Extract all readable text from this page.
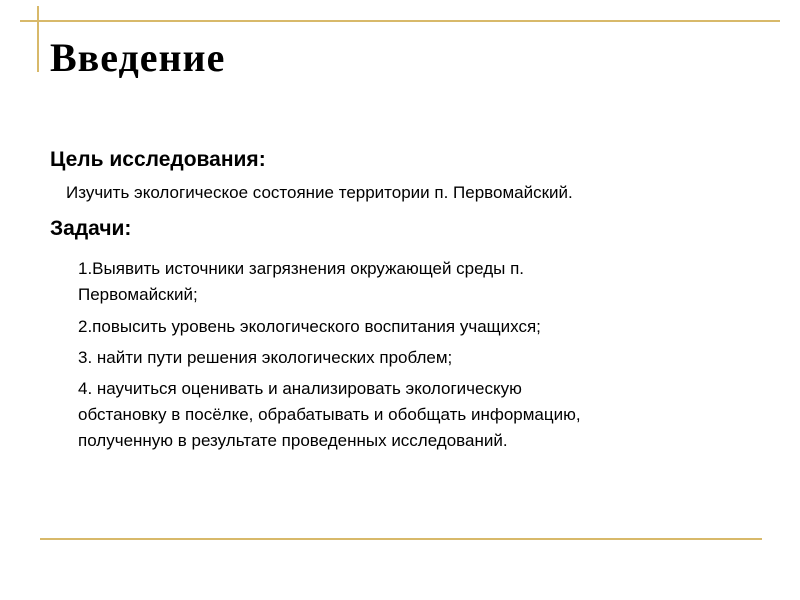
Введение
Цель исследования:
Изучить экологическое состояние территории п. Первомайский.
Задачи:
1.Выявить источники загрязнения окружающей среды п.
Первомайский;
2.повысить уровень экологического воспитания учащихся;
3. найти пути решения экологических проблем;
4. научиться оценивать и анализировать экологическую
обстановку в посёлке, обрабатывать и обобщать информацию,
полученную в результате проведенных исследований.
